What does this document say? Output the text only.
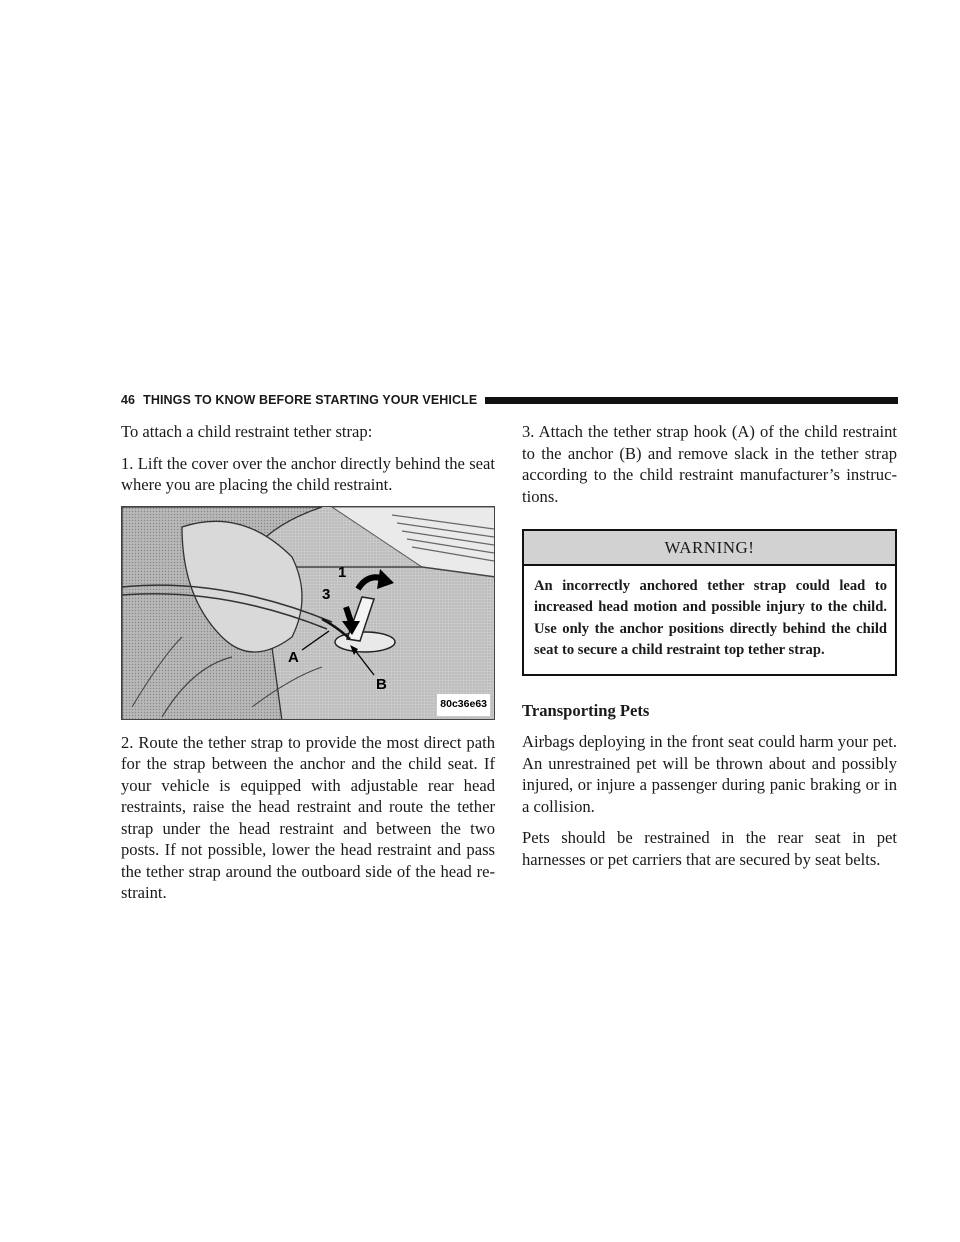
46 THINGS TO KNOW BEFORE STARTING YOUR VEHICLE

To attach a child restraint tether strap:

1. Lift the cover over the anchor directly behind the seat where you are placing the child restraint.

1
3
A
B
80c36e63

2. Route the tether strap to provide the most direct path for the strap between the anchor and the child seat. If your vehicle is equipped with adjustable rear head restraints, raise the head restraint and route the tether strap under the head restraint and between the two posts. If not possible, lower the head restraint and pass the tether strap around the outboard side of the head re-straint.

3. Attach the tether strap hook (A) of the child restraint to the anchor (B) and remove slack in the tether strap according to the child restraint manufacturer’s instruc-tions.

WARNING!
An incorrectly anchored tether strap could lead to increased head motion and possible injury to the child. Use only the anchor positions directly behind the child seat to secure a child restraint top tether strap.

Transporting Pets

Airbags deploying in the front seat could harm your pet. An unrestrained pet will be thrown about and possibly injured, or injure a passenger during panic braking or in a collision.

Pets should be restrained in the rear seat in pet harnesses or pet carriers that are secured by seat belts.
